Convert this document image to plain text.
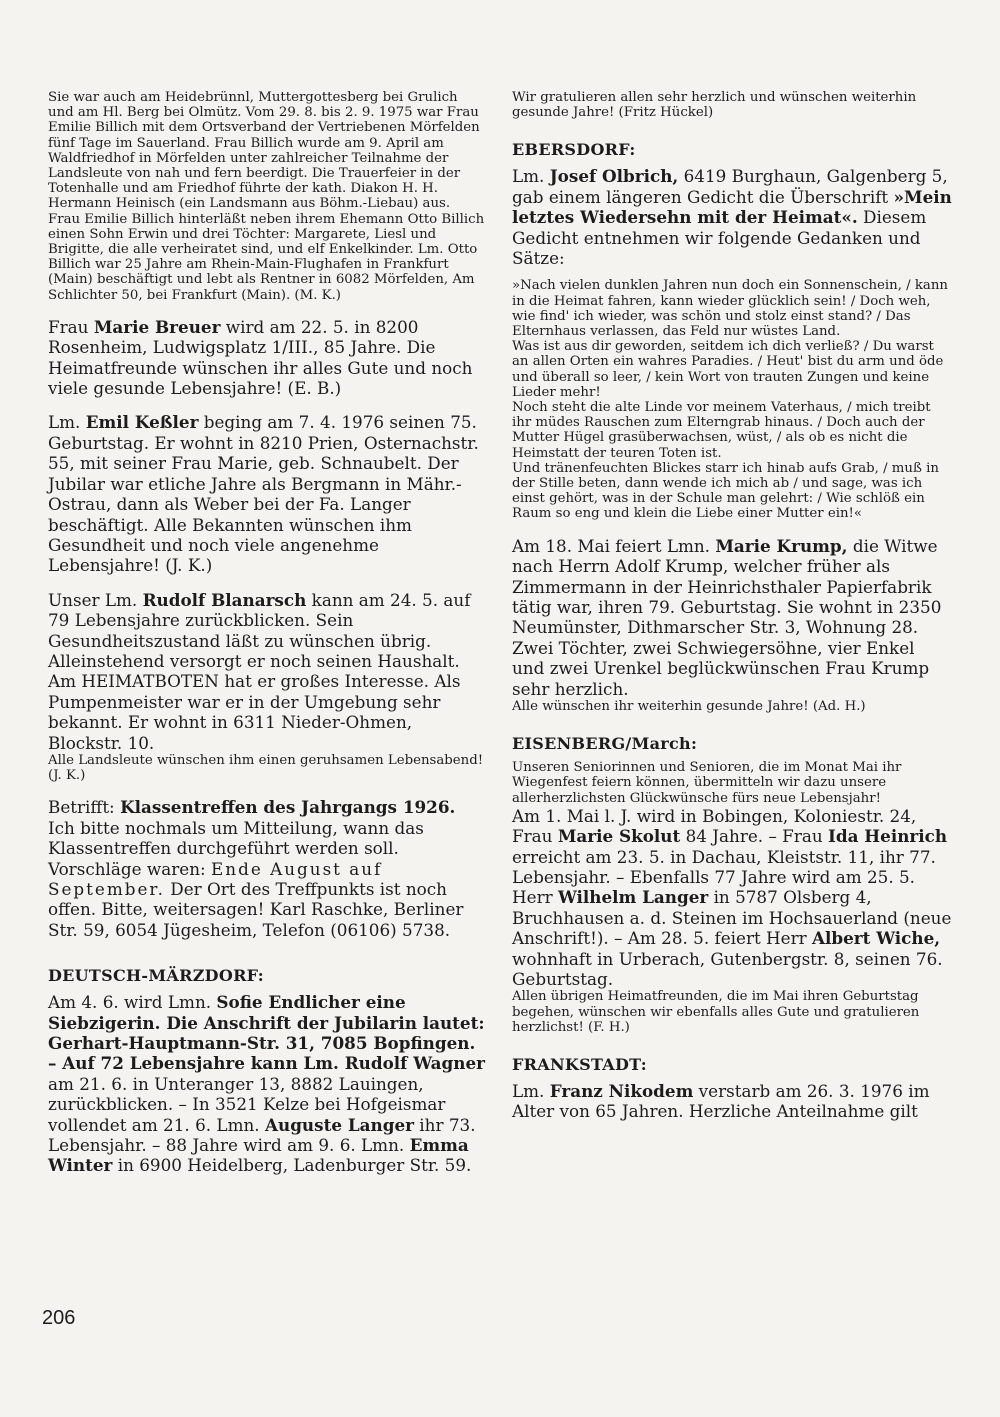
Sie war auch am Heidebrünnl, Muttergottesberg bei Grulich und am Hl. Berg bei Olmütz. Vom 29. 8. bis 2. 9. 1975 war Frau Emilie Billich mit dem Ortsverband der Vertriebenen Mörfelden fünf Tage im Sauerland. Frau Billich wurde am 9. April am Waldfriedhof in Mörfelden unter zahlreicher Teilnahme der Landsleute von nah und fern beerdigt. Die Trauerfeier in der Totenhalle und am Friedhof führte der kath. Diakon H. H. Hermann Heinisch (ein Landsmann aus Böhm.-Liebau) aus. Frau Emilie Billich hinterläßt neben ihrem Ehemann Otto Billich einen Sohn Erwin und drei Töchter: Margarete, Liesl und Brigitte, die alle verheiratet sind, und elf Enkelkinder. Lm. Otto Billich war 25 Jahre am Rhein-Main-Flughafen in Frankfurt (Main) beschäftigt und lebt als Rentner in 6082 Mörfelden, Am Schlichter 50, bei Frankfurt (Main). (M. K.)

Frau Marie Breuer wird am 22. 5. in 8200 Rosenheim, Ludwigsplatz 1/III., 85 Jahre. Die Heimatfreunde wünschen ihr alles Gute und noch viele gesunde Lebensjahre! (E. B.)

Lm. Emil Keßler beging am 7. 4. 1976 seinen 75. Geburtstag. Er wohnt in 8210 Prien, Osternachstr. 55, mit seiner Frau Marie, geb. Schnaubelt. Der Jubilar war etliche Jahre als Bergmann in Mähr.-Ostrau, dann als Weber bei der Fa. Langer beschäftigt. Alle Bekannten wünschen ihm Gesundheit und noch viele angenehme Lebensjahre! (J. K.)

Unser Lm. Rudolf Blanarsch kann am 24. 5. auf 79 Lebensjahre zurückblicken. Sein Gesundheitszustand läßt zu wünschen übrig. Alleinstehend versorgt er noch seinen Haushalt. Am HEIMATBOTEN hat er großes Interesse. Als Pumpenmeister war er in der Umgebung sehr bekannt. Er wohnt in 6311 Nieder-Ohmen, Blockstr. 10.

Alle Landsleute wünschen ihm einen geruhsamen Lebensabend! (J. K.)

Betrifft: Klassentreffen des Jahrgangs 1926. Ich bitte nochmals um Mitteilung, wann das Klassentreffen durchgeführt werden soll. Vorschläge waren: Ende August auf September. Der Ort des Treffpunkts ist noch offen. Bitte, weitersagen! Karl Raschke, Berliner Str. 59, 6054 Jügesheim, Telefon (06106) 5738.

DEUTSCH-MÄRZDORF:

Am 4. 6. wird Lmn. Sofie Endlicher eine Siebzigerin. Die Anschrift der Jubilarin lautet: Gerhart-Hauptmann-Str. 31, 7085 Bopfingen. – Auf 72 Lebensjahre kann Lm. Rudolf Wagner am 21. 6. in Unteranger 13, 8882 Lauingen, zurückblicken. – In 3521 Kelze bei Hofgeismar vollendet am 21. 6. Lmn. Auguste Langer ihr 73. Lebensjahr. – 88 Jahre wird am 9. 6. Lmn. Emma Winter in 6900 Heidelberg, Ladenburger Str. 59.

Wir gratulieren allen sehr herzlich und wünschen weiterhin gesunde Jahre! (Fritz Hückel)

EBERSDORF:

Lm. Josef Olbrich, 6419 Burghaun, Galgenberg 5, gab einem längeren Gedicht die Überschrift »Mein letztes Wiedersehn mit der Heimat«. Diesem Gedicht entnehmen wir folgende Gedanken und Sätze:

»Nach vielen dunklen Jahren nun doch ein Sonnenschein, / kann in die Heimat fahren, kann wieder glücklich sein! / Doch weh, wie find' ich wieder, was schön und stolz einst stand? / Das Elternhaus verlassen, das Feld nur wüstes Land.

Was ist aus dir geworden, seitdem ich dich verließ? / Du warst an allen Orten ein wahres Paradies. / Heut' bist du arm und öde und überall so leer, / kein Wort von trauten Zungen und keine Lieder mehr!

Noch steht die alte Linde vor meinem Vaterhaus, / mich treibt ihr müdes Rauschen zum Elterngrab hinaus. / Doch auch der Mutter Hügel grasüberwachsen, wüst, / als ob es nicht die Heimstatt der teuren Toten ist.

Und tränenfeuchten Blickes starr ich hinab aufs Grab, / muß in der Stille beten, dann wende ich mich ab / und sage, was ich einst gehört, was in der Schule man gelehrt: / Wie schlöß ein Raum so eng und klein die Liebe einer Mutter ein!«

Am 18. Mai feiert Lmn. Marie Krump, die Witwe nach Herrn Adolf Krump, welcher früher als Zimmermann in der Heinrichsthaler Papierfabrik tätig war, ihren 79. Geburtstag. Sie wohnt in 2350 Neumünster, Dithmarscher Str. 3, Wohnung 28. Zwei Töchter, zwei Schwiegersöhne, vier Enkel und zwei Urenkel beglückwünschen Frau Krump sehr herzlich.

Alle wünschen ihr weiterhin gesunde Jahre! (Ad. H.)

EISENBERG/March:

Unseren Seniorinnen und Senioren, die im Monat Mai ihr Wiegenfest feiern können, übermitteln wir dazu unsere allerherzlichsten Glückwünsche fürs neue Lebensjahr!

Am 1. Mai l. J. wird in Bobingen, Koloniestr. 24, Frau Marie Skolut 84 Jahre. – Frau Ida Heinrich erreicht am 23. 5. in Dachau, Kleiststr. 11, ihr 77. Lebensjahr. – Ebenfalls 77 Jahre wird am 25. 5. Herr Wilhelm Langer in 5787 Olsberg 4, Bruchhausen a. d. Steinen im Hochsauerland (neue Anschrift!). – Am 28. 5. feiert Herr Albert Wiche, wohnhaft in Urberach, Gutenbergstr. 8, seinen 76. Geburtstag.

Allen übrigen Heimatfreunden, die im Mai ihren Geburtstag begehen, wünschen wir ebenfalls alles Gute und gratulieren herzlichst! (F. H.)

FRANKSTADT:

Lm. Franz Nikodem verstarb am 26. 3. 1976 im Alter von 65 Jahren. Herzliche Anteilnahme gilt

206
